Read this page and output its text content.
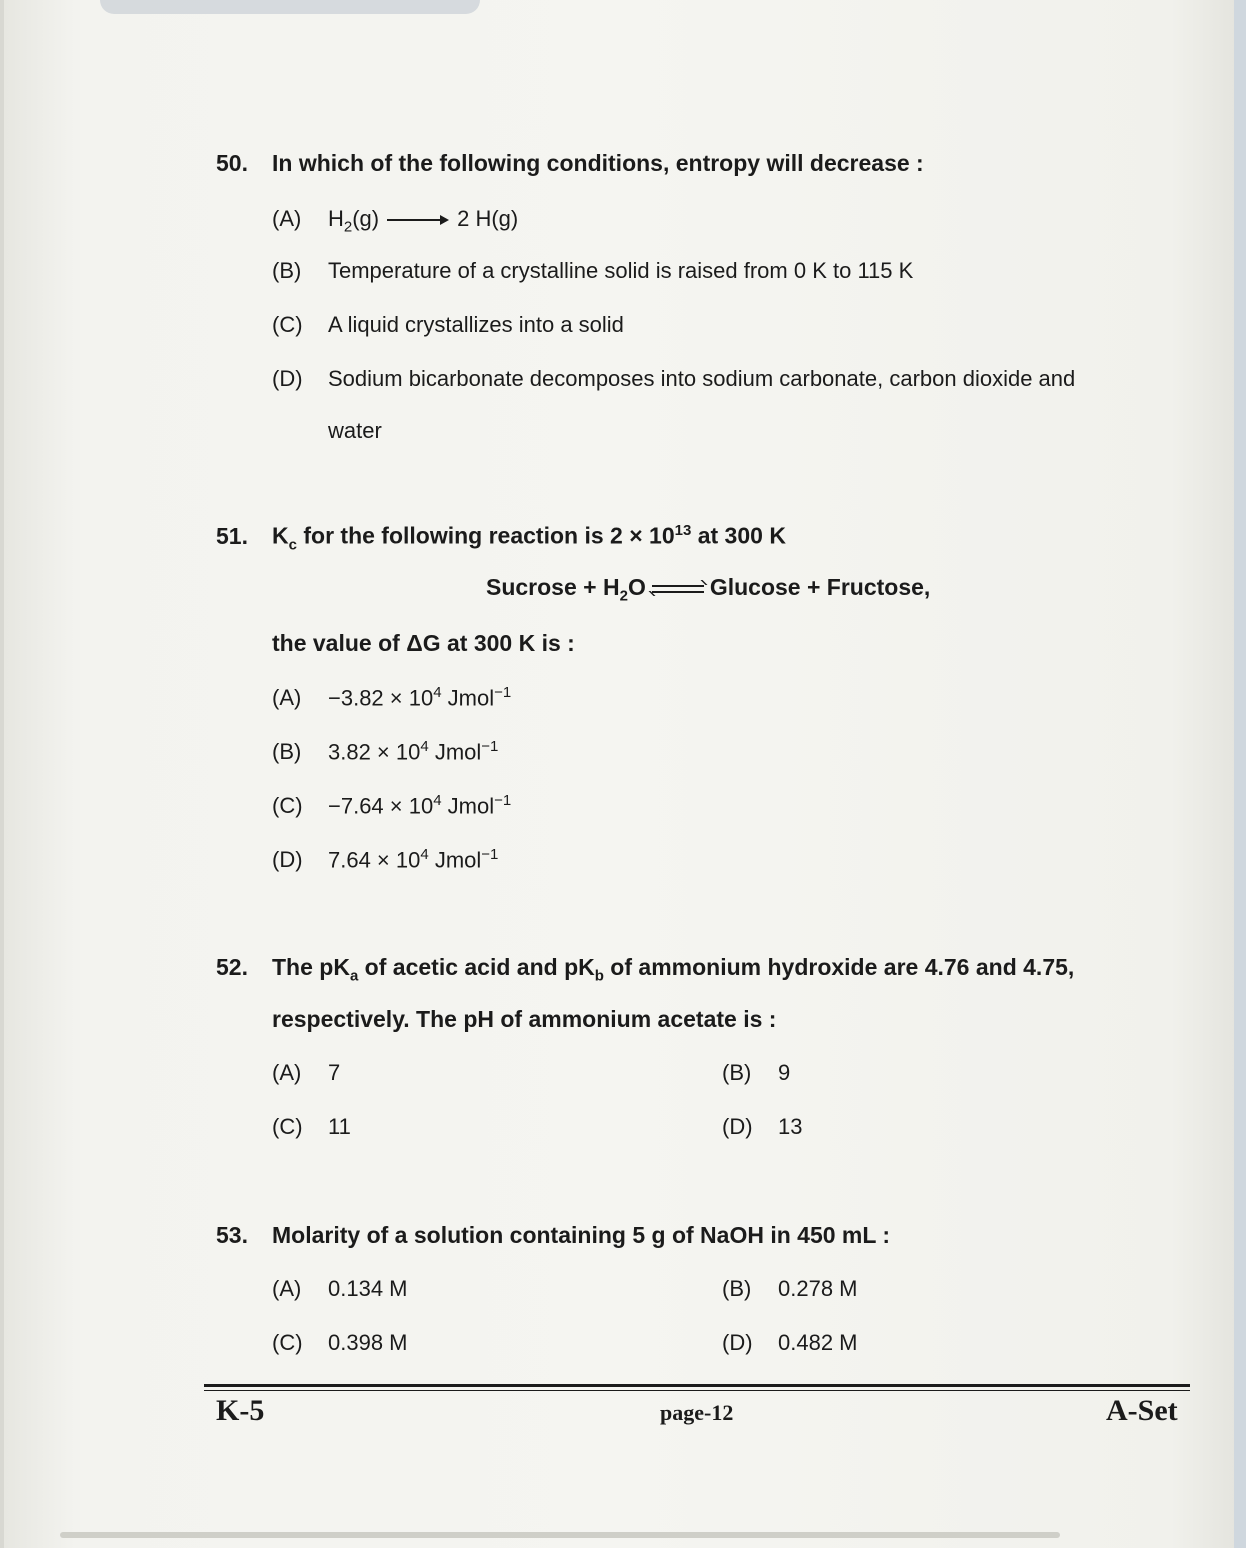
50. In which of the following conditions, entropy will decrease :
(A) $H_2(g)$	2 H(g)
(B) Temperature of a crystalline solid is raised from 0 K to 115 K
(C) A liquid crystallizes into a solid
(D) Sodium bicarbonate decomposes into sodium carbonate, carbon dioxide and
water
51. $K_c$ for the following reaction is $2 \times 10^{13}$ at 300 K
Sucrose + $H_2O$	Glucose + Fructose,
the value of ΔG at 300 K is :
$(A) -3.82 \times 10^4$ Jmol$^{-1}$
(B) $3.82 \times 10^4$ Jmol$^{-1}$
$(C) -7.64 \times 10^4$ Jmol$^{-1}$
(D) $7.64 \times 10^4$ Jmol$^{-1}$
52. The $pK_a$ of acetic acid and $pK_b$ of ammonium hydroxide are 4.76 and 4.75,
respectively. The pH of ammonium acetate is :
(A) 7	(B) 9
(C) 11	(D) 13
53. Molarity of a solution containing 5 g of NaOH in 450 mL :
(A) 0.134 M	(B) 0.278 M
(C) 0.398 M	(D) 0.482 M
K-5	page-12	A-Set
